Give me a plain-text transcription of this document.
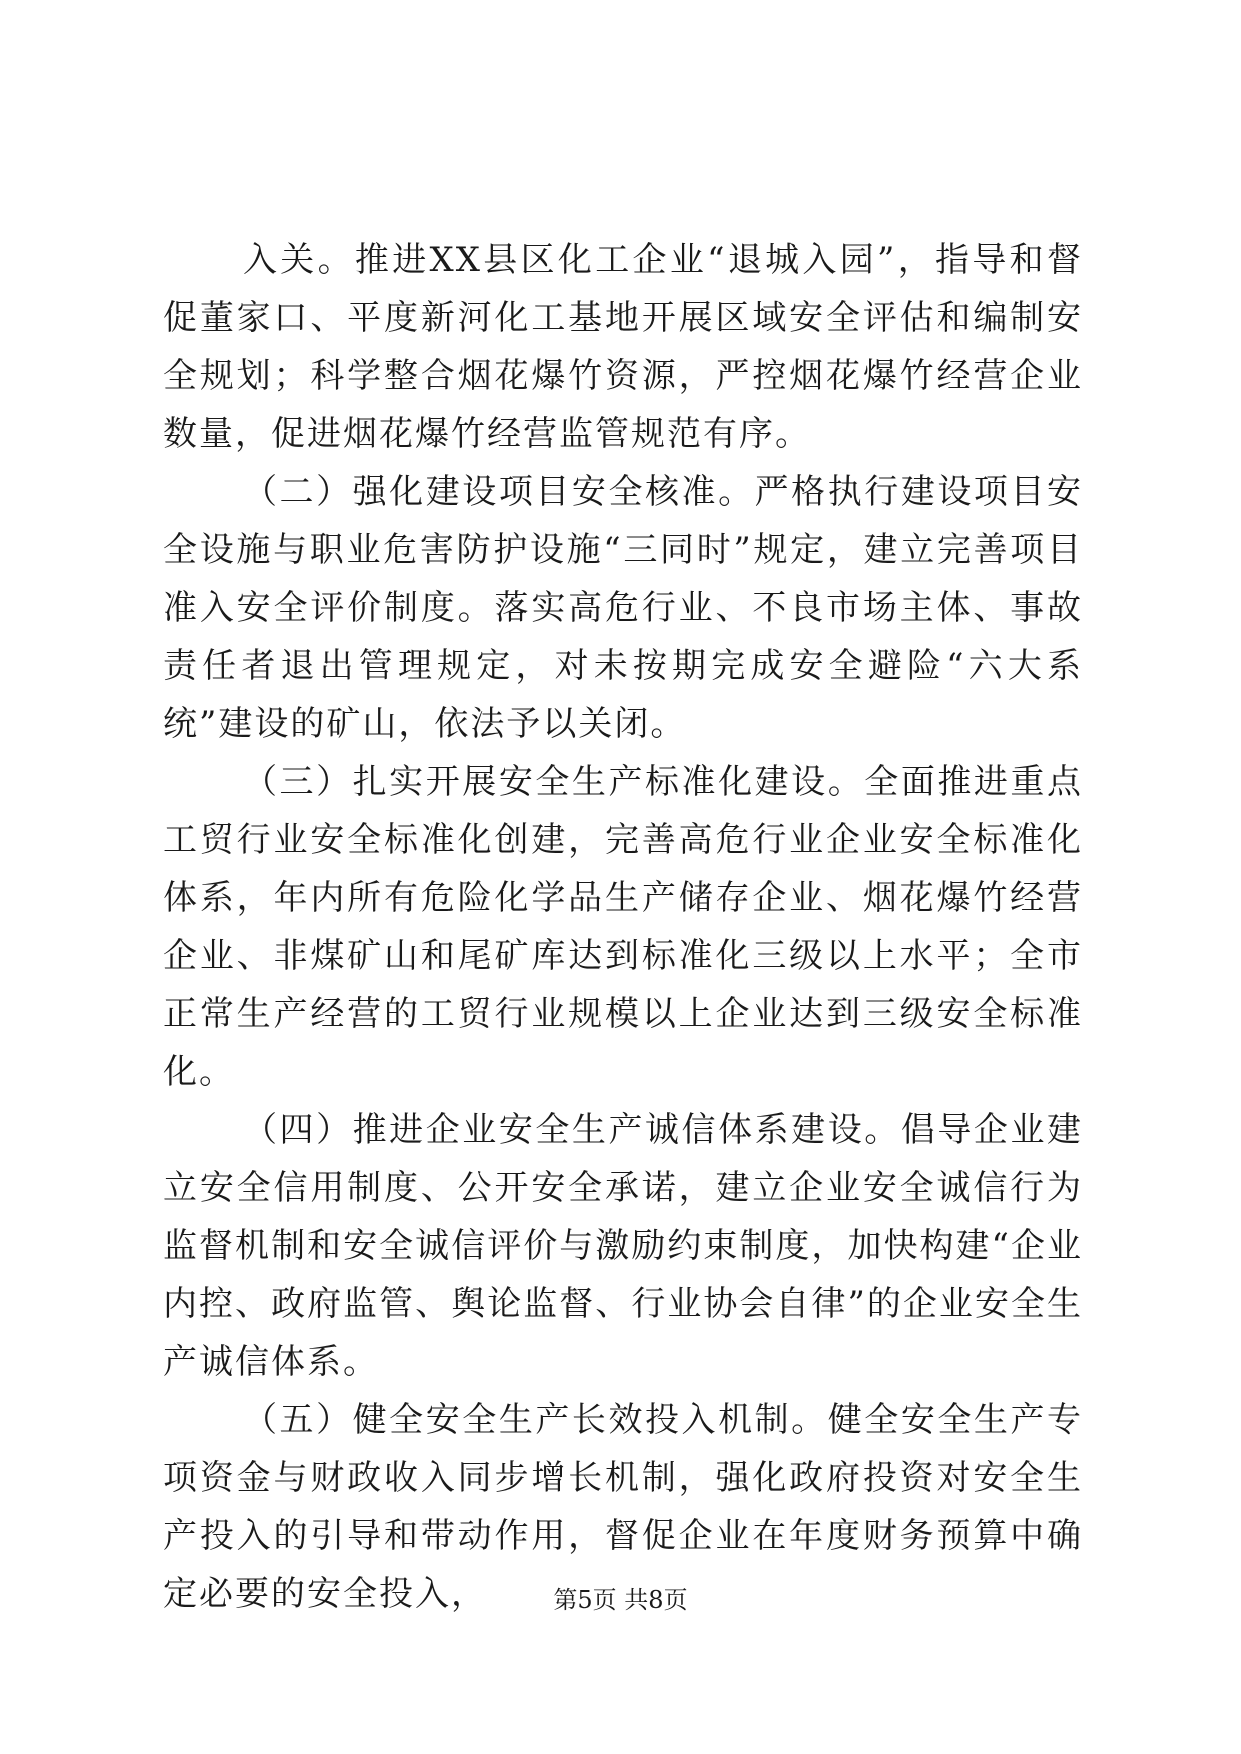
入关。推进XX县区化工企业“退城入园”，指导和督促董家口、平度新河化工基地开展区域安全评估和编制安全规划；科学整合烟花爆竹资源，严控烟花爆竹经营企业数量，促进烟花爆竹经营监管规范有序。

（二）强化建设项目安全核准。严格执行建设项目安全设施与职业危害防护设施“三同时”规定，建立完善项目准入安全评价制度。落实高危行业、不良市场主体、事故责任者退出管理规定，对未按期完成安全避险“六大系统”建设的矿山，依法予以关闭。

（三）扎实开展安全生产标准化建设。全面推进重点工贸行业安全标准化创建，完善高危行业企业安全标准化体系，年内所有危险化学品生产储存企业、烟花爆竹经营企业、非煤矿山和尾矿库达到标准化三级以上水平；全市正常生产经营的工贸行业规模以上企业达到三级安全标准化。

（四）推进企业安全生产诚信体系建设。倡导企业建立安全信用制度、公开安全承诺，建立企业安全诚信行为监督机制和安全诚信评价与激励约束制度，加快构建“企业内控、政府监管、舆论监督、行业协会自律”的企业安全生产诚信体系。

（五）健全安全生产长效投入机制。健全安全生产专项资金与财政收入同步增长机制，强化政府投资对安全生产投入的引导和带动作用，督促企业在年度财务预算中确定必要的安全投入，	第5页 共8页
